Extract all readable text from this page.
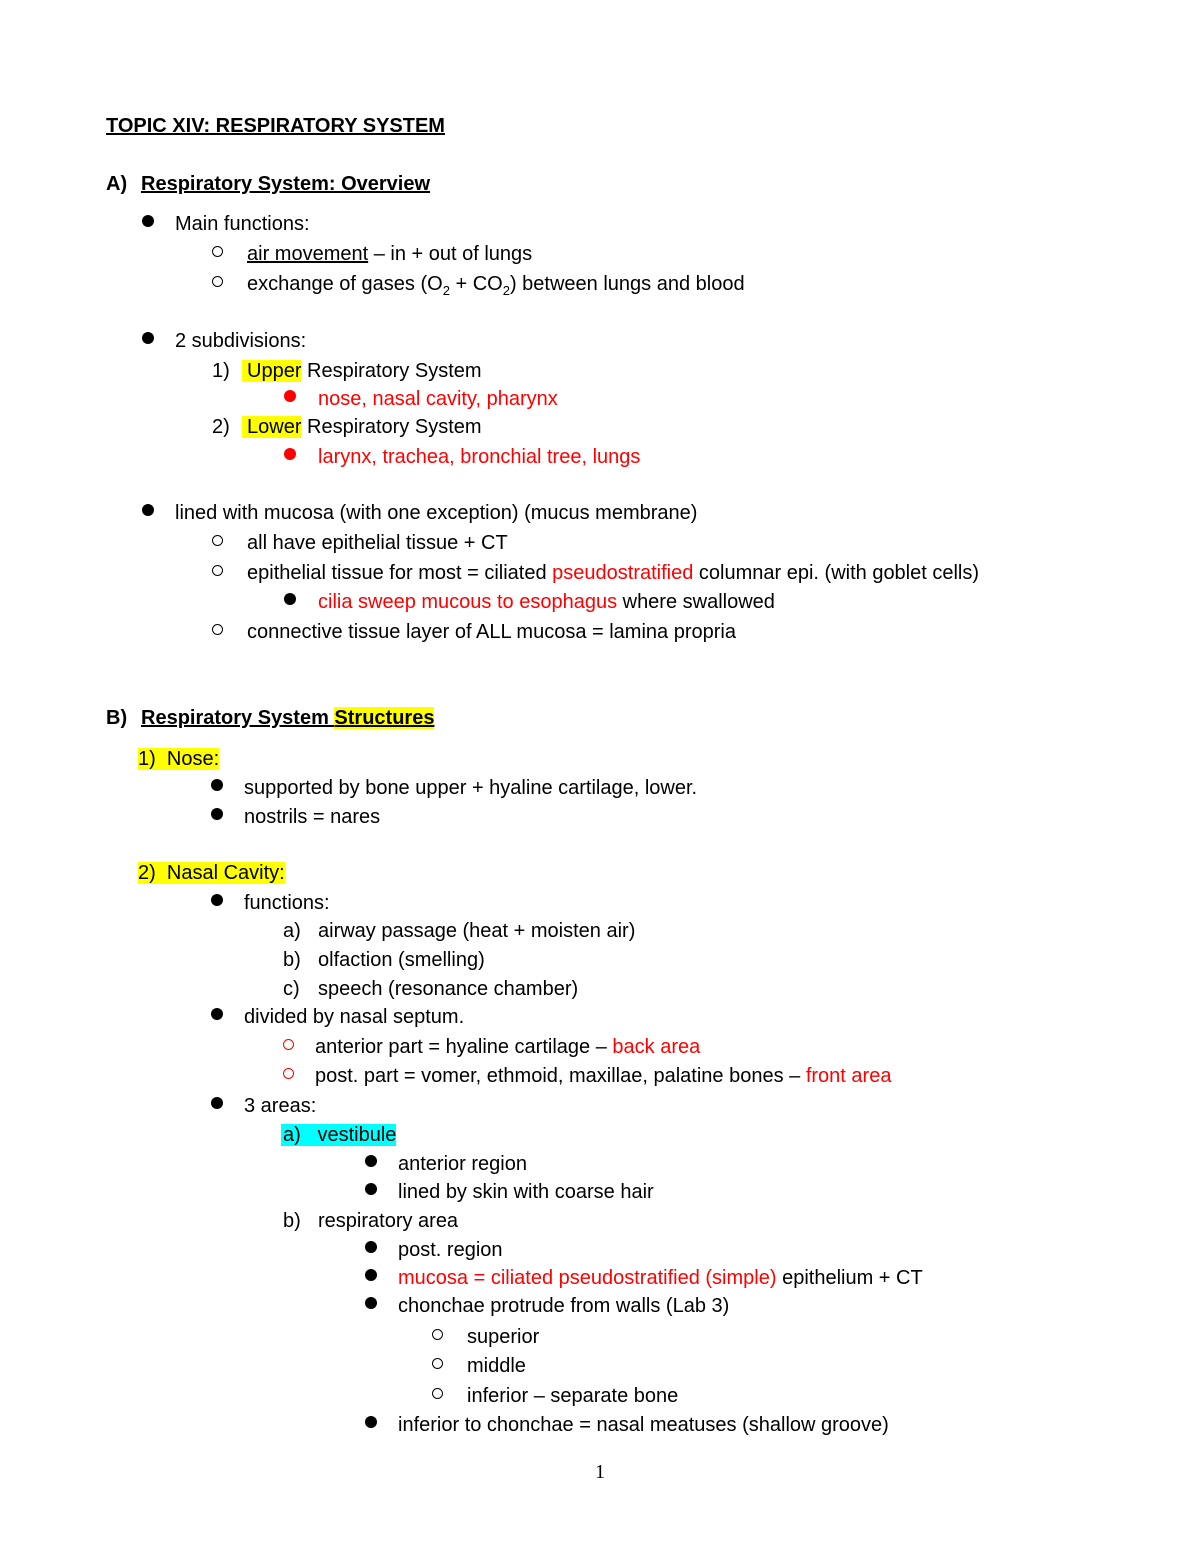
TOPIC XIV: RESPIRATORY SYSTEM
A) Respiratory System: Overview
Main functions:
air movement – in + out of lungs
exchange of gases $(O_2 + CO_2)$ between lungs and blood
2 subdivisions:
1) Upper Respiratory System
nose, nasal cavity, pharynx
2) Lower Respiratory System
larynx, trachea, bronchial tree, lungs
lined with mucosa (with one exception) (mucus membrane)
all have epithelial tissue + CT
epithelial tissue for most = ciliated pseudostratified columnar epi. (with goblet cells)
cilia sweep mucous to esophagus where swallowed
connective tissue layer of ALL mucosa = lamina propria
B) Respiratory System Structures
1)  Nose:
supported by bone upper + hyaline cartilage, lower.
nostrils = nares
2)  Nasal Cavity:
functions:
a) airway passage (heat + moisten air)
b) olfaction (smelling)
c) speech (resonance chamber)
divided by nasal septum.
anterior part = hyaline cartilage – back area
post. part = vomer, ethmoid, maxillae, palatine bones – front area
3 areas:
a)   vestibule
anterior region
lined by skin with coarse hair
b) respiratory area
post. region
mucosa = ciliated pseudostratified (simple) epithelium + CT
chonchae protrude from walls (Lab 3)
superior
middle
inferior – separate bone
inferior to chonchae = nasal meatuses (shallow groove)
1
